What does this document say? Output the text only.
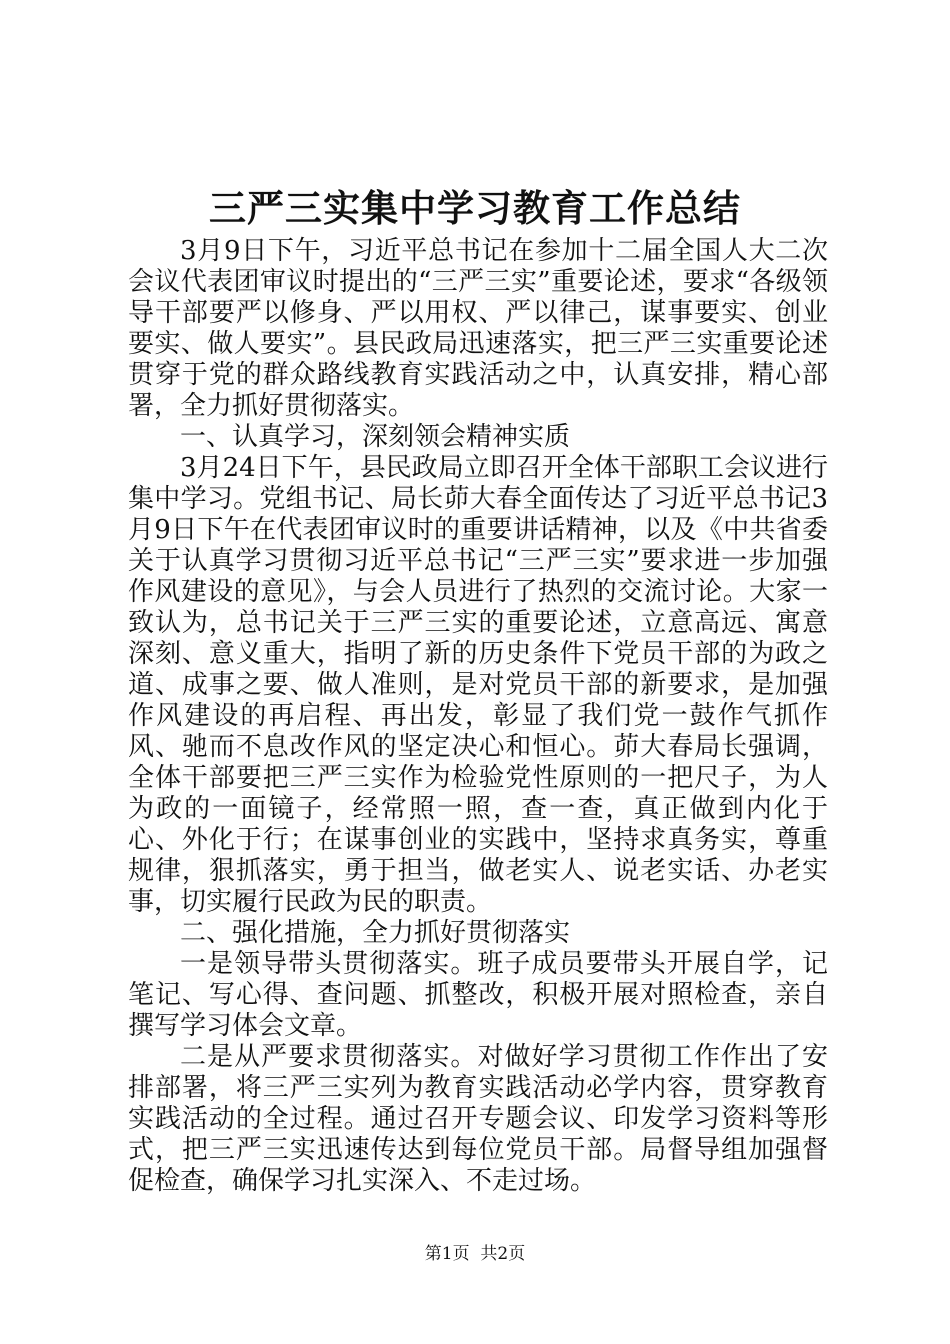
三严三实集中学习教育工作总结

3月9日下午，习近平总书记在参加十二届全国人大二次会议代表团审议时提出的“三严三实”重要论述，要求“各级领导干部要严以修身、严以用权、严以律己，谋事要实、创业要实、做人要实”。县民政局迅速落实，把三严三实重要论述贯穿于党的群众路线教育实践活动之中，认真安排，精心部署，全力抓好贯彻落实。

一、认真学习，深刻领会精神实质

3月24日下午，县民政局立即召开全体干部职工会议进行集中学习。党组书记、局长茆大春全面传达了习近平总书记3月9日下午在代表团审议时的重要讲话精神，以及《中共省委关于认真学习贯彻习近平总书记“三严三实”要求进一步加强作风建设的意见》，与会人员进行了热烈的交流讨论。大家一致认为，总书记关于三严三实的重要论述，立意高远、寓意深刻、意义重大，指明了新的历史条件下党员干部的为政之道、成事之要、做人准则，是对党员干部的新要求，是加强作风建设的再启程、再出发，彰显了我们党一鼓作气抓作风、驰而不息改作风的坚定决心和恒心。茆大春局长强调，全体干部要把三严三实作为检验党性原则的一把尺子，为人为政的一面镜子，经常照一照，查一查，真正做到内化于心、外化于行；在谋事创业的实践中，坚持求真务实，尊重规律，狠抓落实，勇于担当，做老实人、说老实话、办老实事，切实履行民政为民的职责。

二、强化措施，全力抓好贯彻落实

一是领导带头贯彻落实。班子成员要带头开展自学，记笔记、写心得、查问题、抓整改，积极开展对照检查，亲自撰写学习体会文章。

二是从严要求贯彻落实。对做好学习贯彻工作作出了安排部署，将三严三实列为教育实践活动必学内容，贯穿教育实践活动的全过程。通过召开专题会议、印发学习资料等形式，把三严三实迅速传达到每位党员干部。局督导组加强督促检查，确保学习扎实深入、不走过场。

第1页 共2页
